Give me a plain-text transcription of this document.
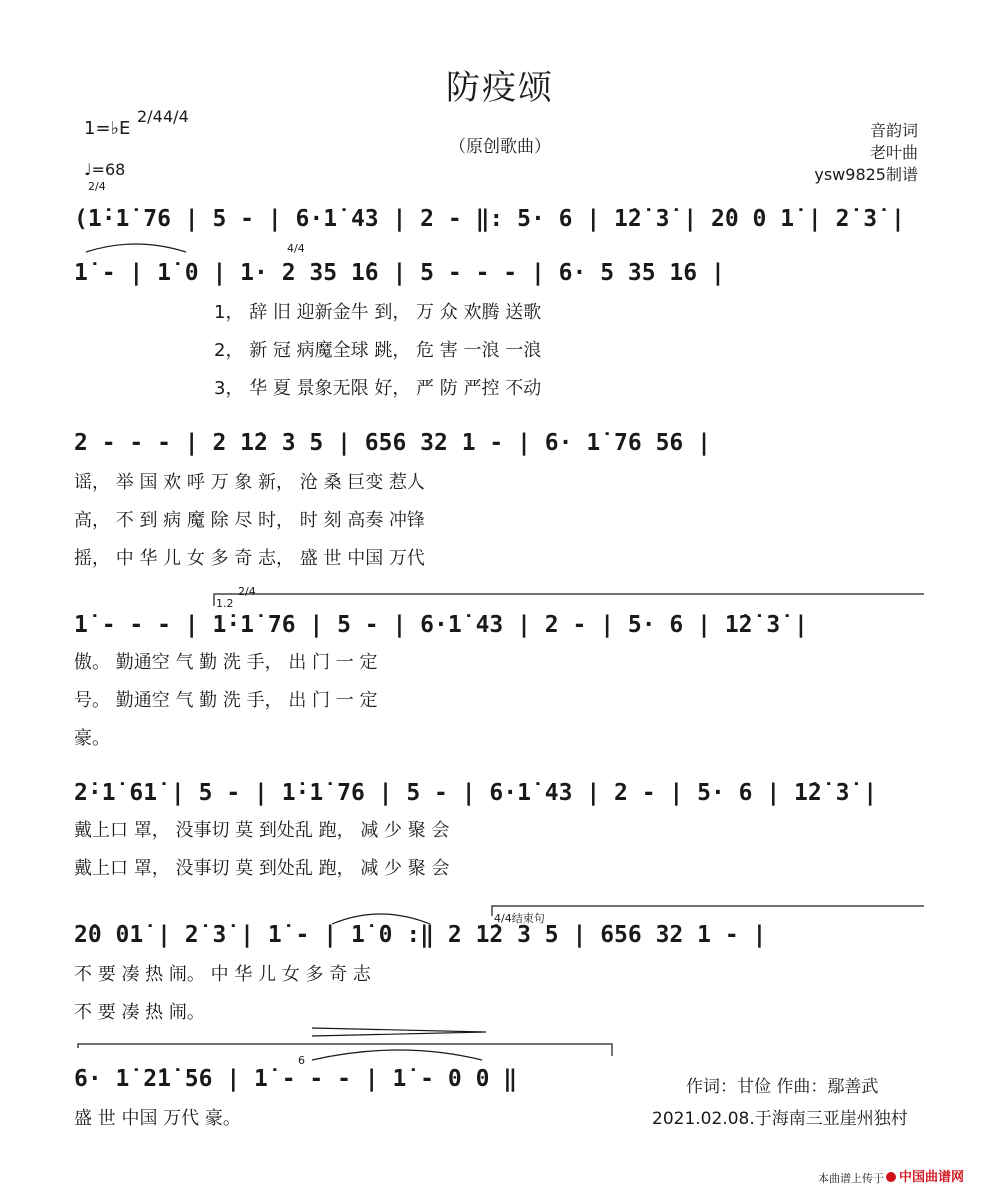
防疫颂
（原创歌曲）
音韵词
老叶曲
ysw9825制谱
1=♭E
2/4 4/4
♩=68
2/4
4/4
2/4
1.2
4/4结束句
6
(1̇·1̇ 76 | 5 - | 6·1̇ 43 | 2 - ‖: 5· 6 | 1̇2̇ 3̇ | 2̇0 0 1̇ | 2̇ 3̇ |
1̇ - | 1̇ 0 | 1· 2 35 1̇6 | 5 - - - | 6· 5 35 16 |
1， 辞 旧 迎新金牛 到， 万 众 欢腾 送歌
2， 新 冠 病魔全球 跳， 危 害 一浪 一浪
3， 华 夏 景象无限 好， 严 防 严控 不动
2 - - - | 2 1̇2 3 5 | 656 32 1 - | 6· 1̇ 76 56 |
谣， 举 国 欢 呼 万 象 新， 沧 桑 巨变 惹人
高， 不 到 病 魔 除 尽 时， 时 刻 高奏 冲锋
摇， 中 华 儿 女 多 奇 志， 盛 世 中国 万代
1̇ - - - | 1̇·1̇ 76 | 5 - | 6·1̇ 43 | 2 - | 5· 6 | 1̇2̇ 3̇ |
傲。 勤通空 气 勤 洗 手， 出 门 一 定
号。 勤通空 气 勤 洗 手， 出 门 一 定
豪。
2̇·1̇ 61̇ | 5 - | 1̇·1̇ 76 | 5 - | 6·1̇ 43 | 2 - | 5· 6 | 1̇2̇ 3̇ |
戴上口 罩， 没事切 莫 到处乱 跑， 减 少 聚 会
戴上口 罩， 没事切 莫 到处乱 跑， 减 少 聚 会
2̇0 01̇ | 2̇ 3̇ | 1̇ - | 1̇ 0 :‖ 2 1̇2 3 5 | 656 32 1 - |
不 要 凑 热 闹。 中 华 儿 女 多 奇 志
不 要 凑 热 闹。
6· 1̇ 2̇1̇ 56 | 1̇ - - - | 1̇ - 0 0 ‖
盛 世 中国 万代 豪。
作词：甘俭 作曲：鄢善武
2021.02.08.于海南三亚崖州独村
本曲谱上传于	中国曲谱网
